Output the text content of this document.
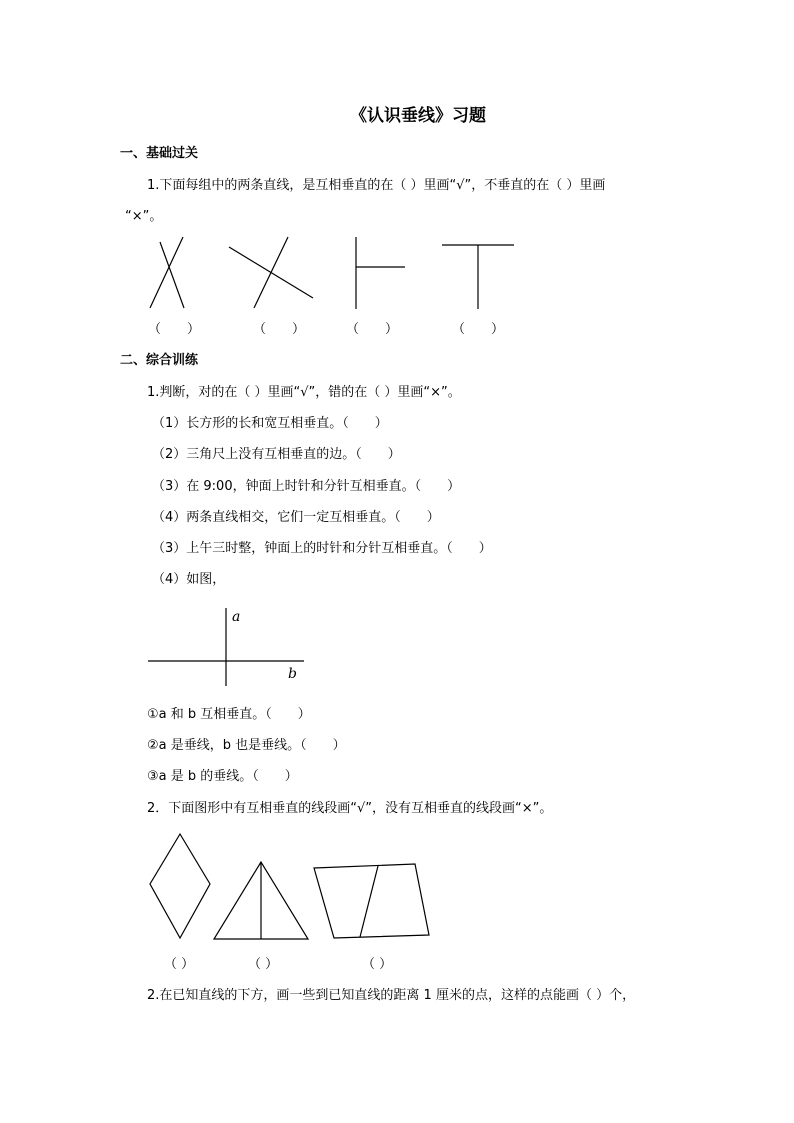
《认识垂线》习题
一、基础过关
1.下面每组中的两条直线，是互相垂直的在（ ）里画“√”，不垂直的在（ ）里画
“×”。
（　　）	（　　）	（　　）	（　　）
二、综合训练
1.判断，对的在（ ）里画“√”，错的在（ ）里画“×”。
（1）长方形的长和宽互相垂直。（　　）
（2）三角尺上没有互相垂直的边。（　　）
（3）在 9:00，钟面上时针和分针互相垂直。（　　）
（4）两条直线相交，它们一定互相垂直。（　　）
（3）上午三时整，钟面上的时针和分针互相垂直。（　　）
（4）如图，
a
b
①a 和 b 互相垂直。（　　）
②a 是垂线，b 也是垂线。（　　）
③a 是 b 的垂线。（　　）
2．下面图形中有互相垂直的线段画“√”，没有互相垂直的线段画“×”。
（ ）	（ ）	（ ）
2.在已知直线的下方，画一些到已知直线的距离 1 厘米的点，这样的点能画（ ）个，
